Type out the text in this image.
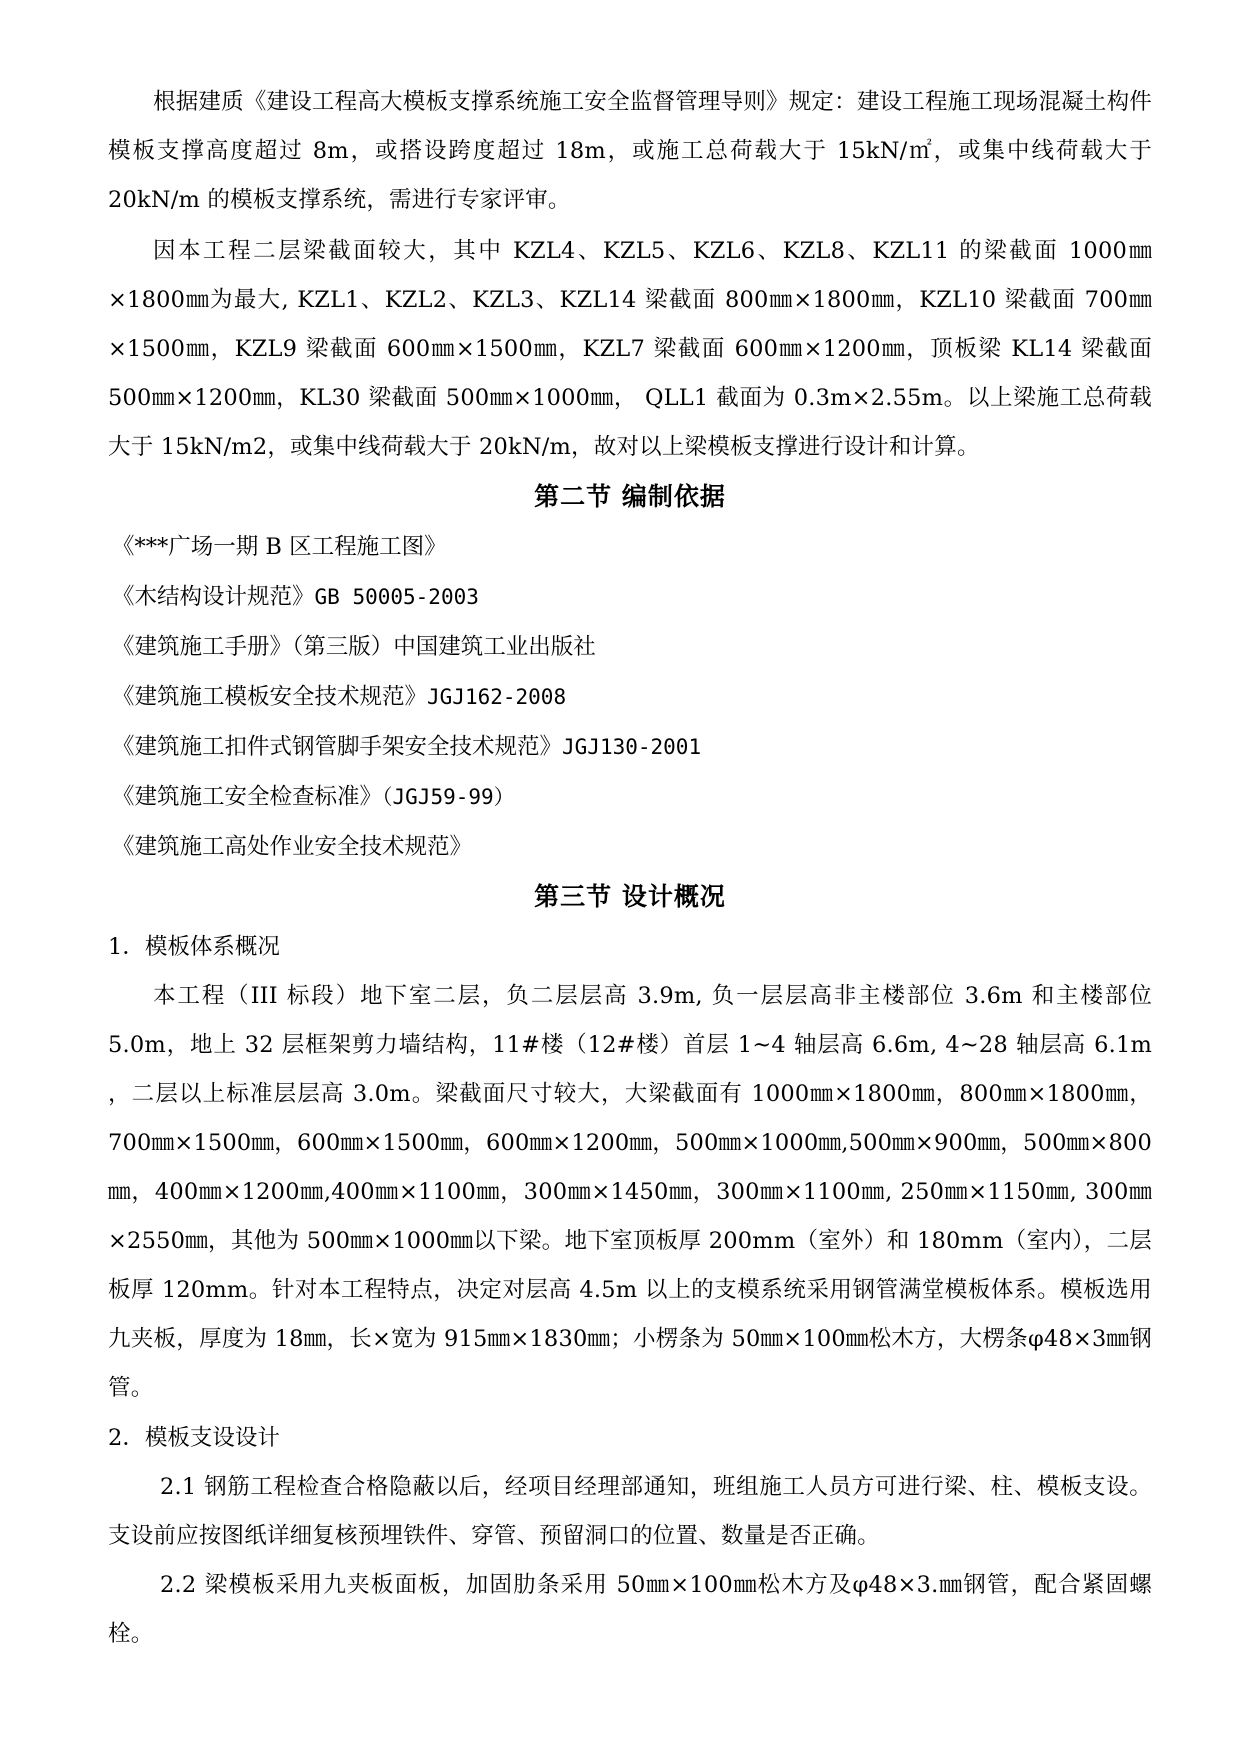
根据建质《建设工程高大模板支撑系统施工安全监督管理导则》规定：建设工程施工现场混凝土构件模板支撑高度超过 8m，或搭设跨度超过 18m，或施工总荷载大于 15kN/㎡，或集中线荷载大于 20kN/m 的模板支撑系统，需进行专家评审。

因本工程二层梁截面较大，其中 KZL4、KZL5、KZL6、KZL8、KZL11 的梁截面 1000㎜×1800㎜为最大, KZL1、KZL2、KZL3、KZL14 梁截面 800㎜×1800㎜，KZL10 梁截面 700㎜×1500㎜，KZL9 梁截面 600㎜×1500㎜，KZL7 梁截面 600㎜×1200㎜，顶板梁 KL14 梁截面 500㎜×1200㎜，KL30 梁截面 500㎜×1000㎜， QLL1 截面为 0.3m×2.55m。以上梁施工总荷载大于 15kN/m2，或集中线荷载大于 20kN/m，故对以上梁模板支撑进行设计和计算。

第二节 编制依据

《***广场一期 B 区工程施工图》

《木结构设计规范》GB 50005-2003

《建筑施工手册》（第三版）中国建筑工业出版社

《建筑施工模板安全技术规范》JGJ162-2008

《建筑施工扣件式钢管脚手架安全技术规范》JGJ130-2001

《建筑施工安全检查标准》（JGJ59-99）

《建筑施工高处作业安全技术规范》

第三节 设计概况

1．模板体系概况

本工程（III 标段）地下室二层，负二层层高 3.9m, 负一层层高非主楼部位 3.6m 和主楼部位 5.0m，地上 32 层框架剪力墙结构，11#楼（12#楼）首层 1~4 轴层高 6.6m, 4~28 轴层高 6.1m ，二层以上标准层层高 3.0m。梁截面尺寸较大，大梁截面有 1000㎜×1800㎜，800㎜×1800㎜，700㎜×1500㎜，600㎜×1500㎜，600㎜×1200㎜，500㎜×1000㎜,500㎜×900㎜，500㎜×800㎜，400㎜×1200㎜,400㎜×1100㎜，300㎜×1450㎜，300㎜×1100㎜, 250㎜×1150㎜, 300㎜×2550㎜，其他为 500㎜×1000㎜以下梁。地下室顶板厚 200mm（室外）和 180mm（室内），二层板厚 120mm。针对本工程特点，决定对层高 4.5m 以上的支模系统采用钢管满堂模板体系。模板选用九夹板，厚度为 18㎜，长×宽为 915㎜×1830㎜；小楞条为 50㎜×100㎜松木方，大楞条φ48×3㎜钢管。

2．模板支设设计

2.1 钢筋工程检查合格隐蔽以后，经项目经理部通知，班组施工人员方可进行梁、柱、模板支设。支设前应按图纸详细复核预埋铁件、穿管、预留洞口的位置、数量是否正确。

2.2 梁模板采用九夹板面板，加固肋条采用 50㎜×100㎜松木方及φ48×3.㎜钢管，配合紧固螺栓。
